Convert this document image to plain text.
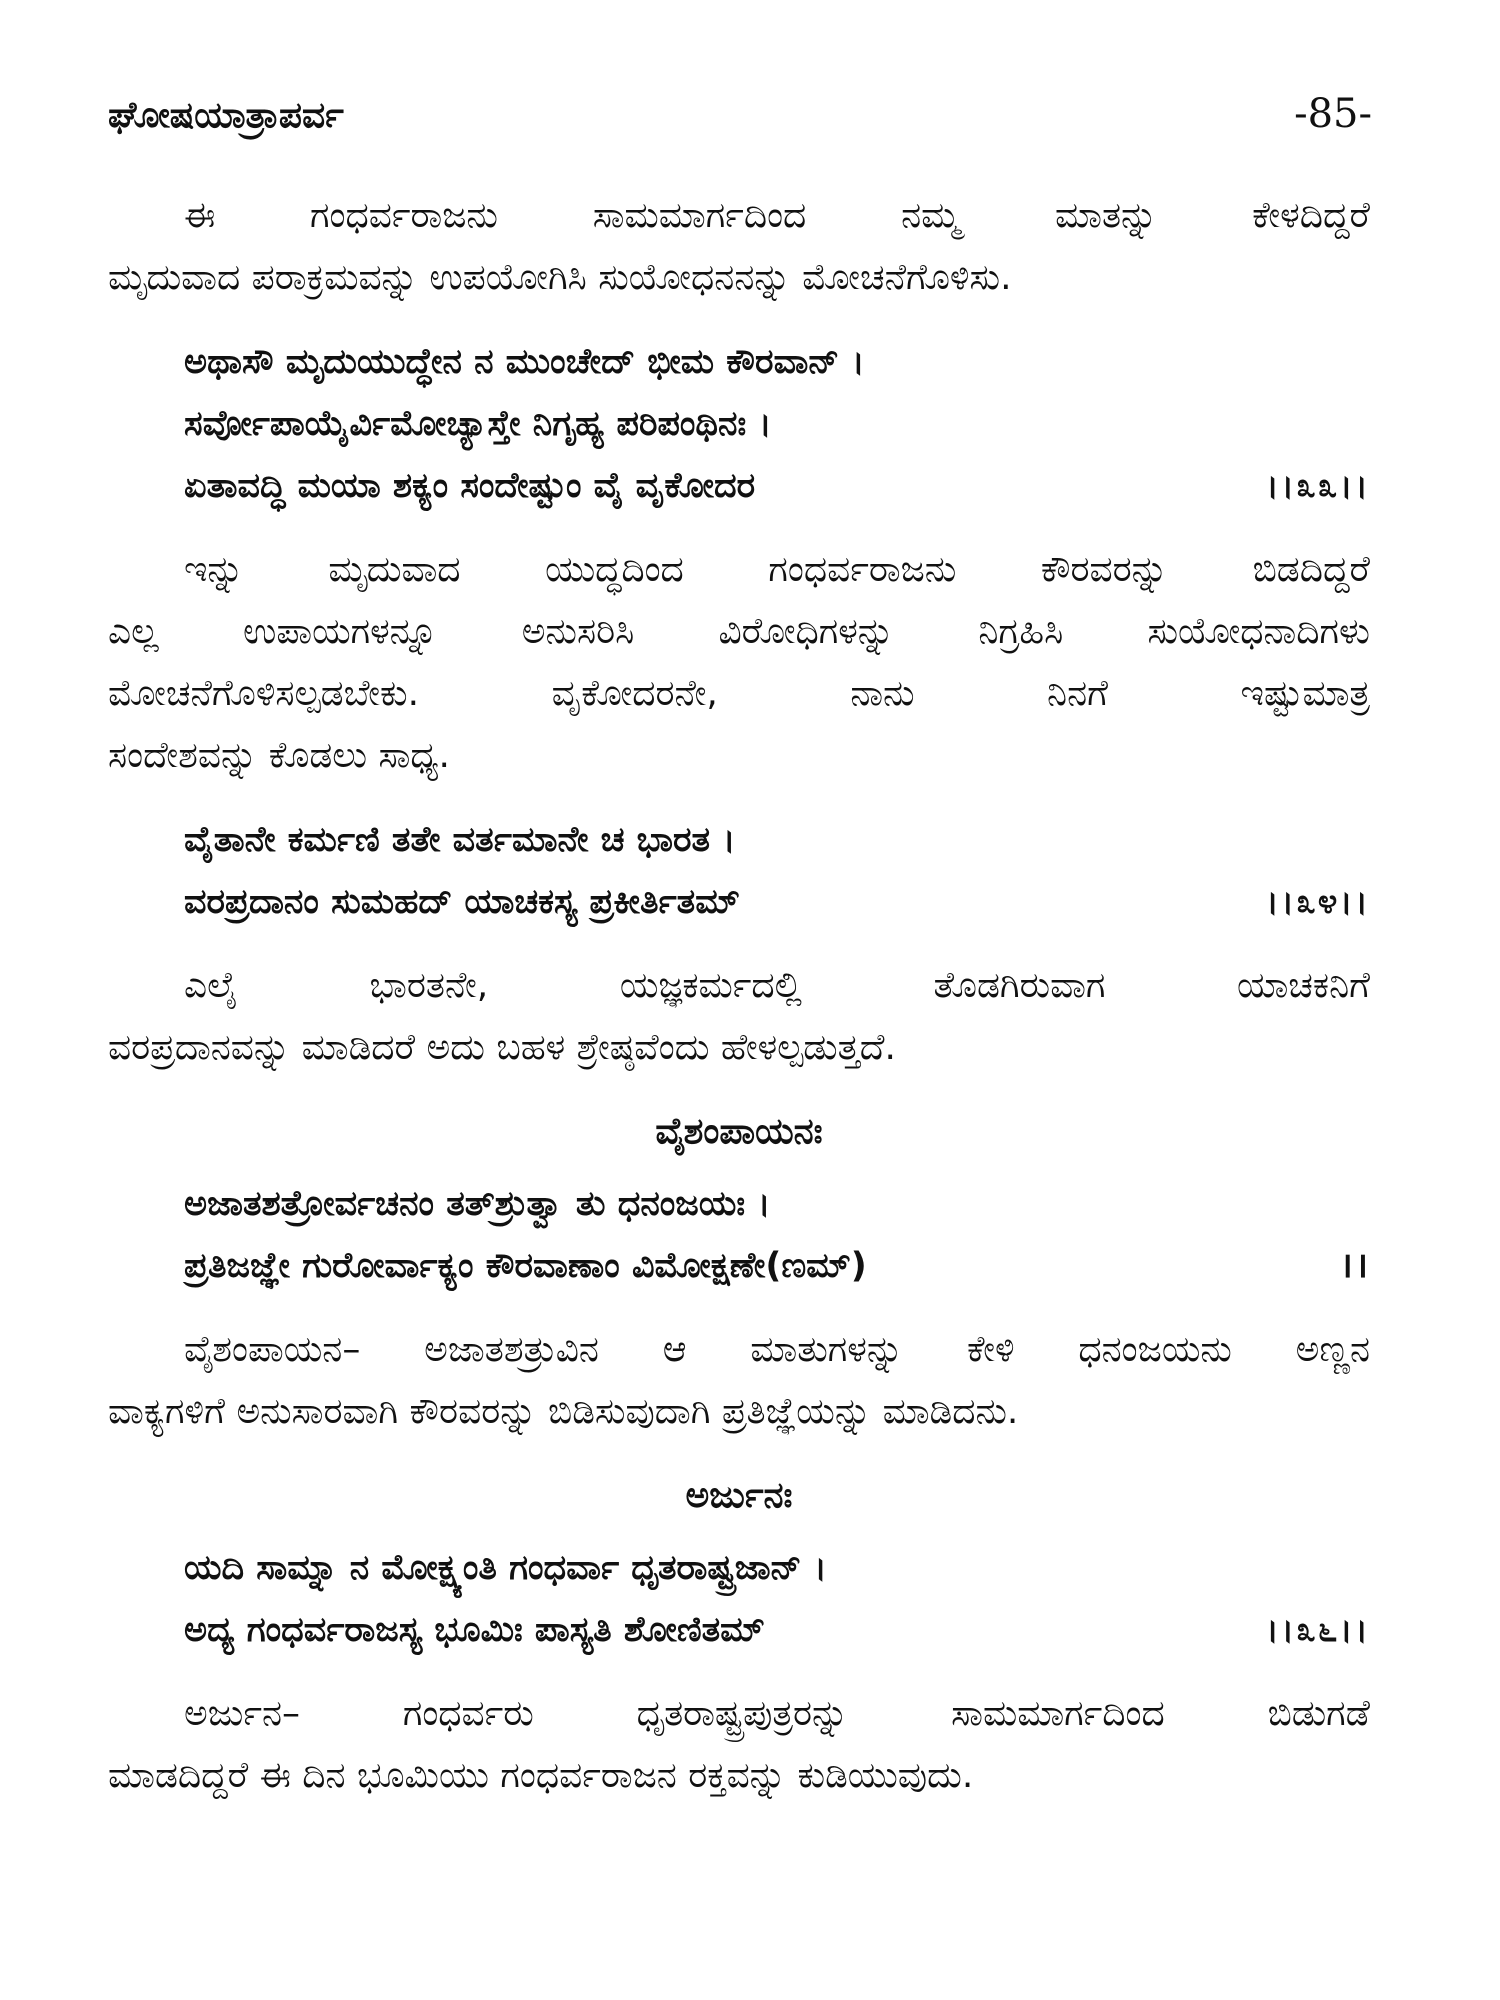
ಘೋಷಯಾತ್ರಾಪರ್ವ	-85-
ಈ ಗಂಧರ್ವರಾಜನು ಸಾಮಮಾರ್ಗದಿಂದ ನಮ್ಮ ಮಾತನ್ನು ಕೇಳದಿದ್ದರೆ
ಮೃದುವಾದ ಪರಾಕ್ರಮವನ್ನು ಉಪಯೋಗಿಸಿ ಸುಯೋಧನನನ್ನು ಮೋಚನೆಗೊಳಿಸು.
ಅಥಾಸೌ ಮೃದುಯುದ್ಧೇನ ನ ಮುಂಚೇದ್ ಭೀಮ ಕೌರವಾನ್ ।
ಸರ್ವೋಪಾಯೈರ್ವಿಮೋಚ್ಯಾಸ್ತೇ ನಿಗೃಹ್ಯ ಪರಿಪಂಥಿನಃ ।
ಏತಾವದ್ಧಿ ಮಯಾ ಶಕ್ಯಂ ಸಂದೇಷ್ಟುಂ ವೈ ವೃಕೋದರ	।।೩೩।।
ಇನ್ನು ಮೃದುವಾದ ಯುದ್ಧದಿಂದ ಗಂಧರ್ವರಾಜನು ಕೌರವರನ್ನು ಬಿಡದಿದ್ದರೆ
ಎಲ್ಲ ಉಪಾಯಗಳನ್ನೂ ಅನುಸರಿಸಿ ವಿರೋಧಿಗಳನ್ನು ನಿಗ್ರಹಿಸಿ ಸುಯೋಧನಾದಿಗಳು
ಮೋಚನೆಗೊಳಿಸಲ್ಪಡಬೇಕು. ವೃಕೋದರನೇ, ನಾನು ನಿನಗೆ ಇಷ್ಟುಮಾತ್ರ
ಸಂದೇಶವನ್ನು ಕೊಡಲು ಸಾಧ್ಯ.
ವೈತಾನೇ ಕರ್ಮಣಿ ತತೇ ವರ್ತಮಾನೇ ಚ ಭಾರತ ।
ವರಪ್ರದಾನಂ ಸುಮಹದ್ ಯಾಚಕಸ್ಯ ಪ್ರಕೀರ್ತಿತಮ್	।।೩೪।।
ಎಲೈ ಭಾರತನೇ, ಯಜ್ಞಕರ್ಮದಲ್ಲಿ ತೊಡಗಿರುವಾಗ ಯಾಚಕನಿಗೆ
ವರಪ್ರದಾನವನ್ನು ಮಾಡಿದರೆ ಅದು ಬಹಳ ಶ್ರೇಷ್ಠವೆಂದು ಹೇಳಲ್ಪಡುತ್ತದೆ.
ವೈಶಂಪಾಯನಃ
ಅಜಾತಶತ್ರೋರ್ವಚನಂ ತತ್‌ಶ್ರುತ್ವಾ ತು ಧನಂಜಯಃ ।
ಪ್ರತಿಜಜ್ಞೇ ಗುರೋರ್ವಾಕ್ಯಂ ಕೌರವಾಣಾಂ ವಿಮೋಕ್ಷಣೇ(ಣಮ್)	।।
ವೈಶಂಪಾಯನ– ಅಜಾತಶತ್ರುವಿನ ಆ ಮಾತುಗಳನ್ನು ಕೇಳಿ ಧನಂಜಯನು ಅಣ್ಣನ
ವಾಕ್ಯಗಳಿಗೆ ಅನುಸಾರವಾಗಿ ಕೌರವರನ್ನು ಬಿಡಿಸುವುದಾಗಿ ಪ್ರತಿಜ್ಞೆಯನ್ನು ಮಾಡಿದನು.
ಅರ್ಜುನಃ
ಯದಿ ಸಾಮ್ನಾ ನ ಮೋಕ್ಷ್ಯಂತಿ ಗಂಧರ್ವಾ ಧೃತರಾಷ್ಟ್ರಜಾನ್ ।
ಅದ್ಯ ಗಂಧರ್ವರಾಜಸ್ಯ ಭೂಮಿಃ ಪಾಸ್ಯತಿ ಶೋಣಿತಮ್	।।೩೬।।
ಅರ್ಜುನ– ಗಂಧರ್ವರು ಧೃತರಾಷ್ಟ್ರಪುತ್ರರನ್ನು ಸಾಮಮಾರ್ಗದಿಂದ ಬಿಡುಗಡೆ
ಮಾಡದಿದ್ದರೆ ಈ ದಿನ ಭೂಮಿಯು ಗಂಧರ್ವರಾಜನ ರಕ್ತವನ್ನು ಕುಡಿಯುವುದು.
